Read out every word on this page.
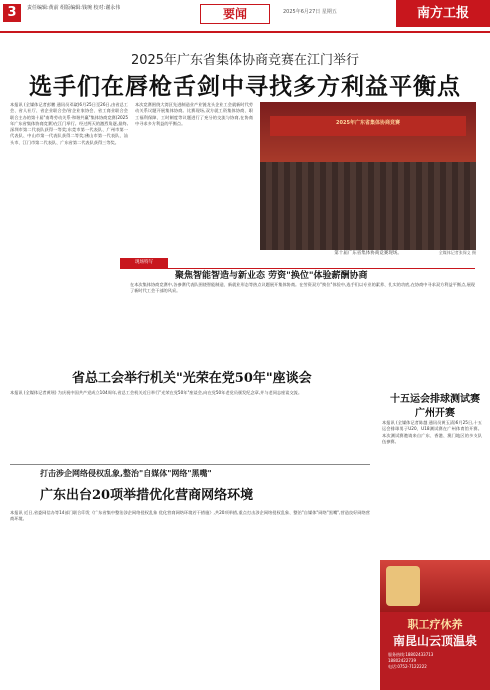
3	责任编辑:黄前 组版编辑:钱琬 校对:谢永伟	要闻	2025年6月27日 星期五	南方工报
2025年广东省集体协商竞赛在江门举行
选手们在唇枪舌剑中寻找多方利益平衡点
本报讯 (全媒体记者彭鹏 通讯员邓崴)6月25日至26日,由省总工会、省人社厅、省企业联合会/省企业家协会、省工商业联合会联合主办的第十届"南粤劳动关系·和谐共赢"集体协商竞赛(2025年广东省集体协商竞赛)在江门举行。经过两天的激烈角逐,最终,深圳市第二代表队获得一等奖;东莞市第一代表队、广州市第一代表队、中山市第一代表队获得二等奖;佛山市第一代表队、汕头市、江门市第二代表队、广东省第二代表队获得三等奖。
本次竞赛围绕大湾区先进制造业产业链龙头企业工会就新时代劳动关系议题开展集体协商。比赛现场,双方就工资集体协商、职工福利保障、工时制度等议题进行了充分的交流与协商,在协商中寻求多方利益的平衡点。	2025年广东省集体协商竞赛
第十届广东省集体协商竞赛现场。	全媒体记者张保义 摄
现场特写
聚焦智能智造与新业态 劳资"换位"体验薪酬协商
在本次集体协商竞赛中,各参赛代表队围绕智能制造、新就业形态等热点议题展开集体协商。在劳资双方"换位"体验中,选手们以专业的素养、扎实的功底,在协商中寻求双方利益平衡点,展现了新时代工会干部的风采。
省总工会举行机关"光荣在党50年"座谈会
本报讯 (全媒体记者黄瑶) 为庆祝中国共产党成立104周年,省总工会机关近日举行"光荣在党50年"座谈会,向在党50年老党员颁发纪念章,并与老同志座谈交流。
十五运会排球测试赛
广州开赛
本报讯 (全媒体记者陈越 通讯员黄玉清)6月25日,十五运会排球男子U20、U18测试赛在广州体育馆开赛。本次测试赛邀请来自广东、香港、澳门地区的多支队伍参赛。
打击涉企网络侵权乱象,整治"自媒体"网络"黑嘴"
广东出台20项举措优化营商网络环境
本报讯 近日,省委网信办等14部门联合印发《广东省集中整治涉企网络侵权乱象 优化营商网络环境若干措施》,共20项举措,重点打击涉企网络侵权乱象、整治"自媒体"网络"黑嘴",营造良好网络营商环境。
职工疗休养
南昆山云顶温泉
服务热线:18802433713
18802422739
电话:0752-7122222
